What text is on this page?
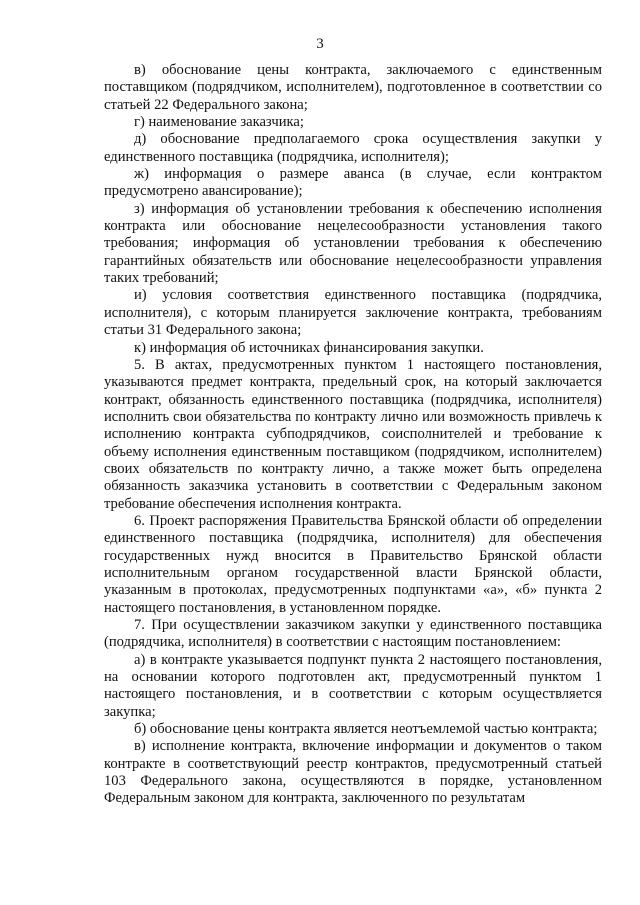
3

в) обоснование цены контракта, заключаемого с единственным поставщиком (подрядчиком, исполнителем), подготовленное в соответствии со статьей 22 Федерального закона;

г) наименование заказчика;

д) обоснование предполагаемого срока осуществления закупки у единственного поставщика (подрядчика, исполнителя);

ж) информация о размере аванса (в случае, если контрактом предусмотрено авансирование);

з) информация об установлении требования к обеспечению исполнения контракта или обоснование нецелесообразности установления такого требования; информация об установлении требования к обеспечению гарантийных обязательств или обоснование нецелесообразности управления таких требований;

и) условия соответствия единственного поставщика (подрядчика, исполнителя), с которым планируется заключение контракта, требованиям статьи 31 Федерального закона;

к) информация об источниках финансирования закупки.

5. В актах, предусмотренных пунктом 1 настоящего постановления, указываются предмет контракта, предельный срок, на который заключается контракт, обязанность единственного поставщика (подрядчика, исполнителя) исполнить свои обязательства по контракту лично или возможность привлечь к исполнению контракта субподрядчиков, соисполнителей и требование к объему исполнения единственным поставщиком (подрядчиком, исполнителем) своих обязательств по контракту лично, а также может быть определена обязанность заказчика установить в соответствии с Федеральным законом требование обеспечения исполнения контракта.

6. Проект распоряжения Правительства Брянской области об определении единственного поставщика (подрядчика, исполнителя) для обеспечения государственных нужд вносится в Правительство Брянской области исполнительным органом государственной власти Брянской области, указанным в протоколах, предусмотренных подпунктами «а», «б» пункта 2 настоящего постановления, в установленном порядке.

7. При осуществлении заказчиком закупки у единственного поставщика (подрядчика, исполнителя) в соответствии с настоящим постановлением:

а) в контракте указывается подпункт пункта 2 настоящего постановления, на основании которого подготовлен акт, предусмотренный пунктом 1 настоящего постановления, и в соответствии с которым осуществляется закупка;

б) обоснование цены контракта является неотъемлемой частью контракта;

в) исполнение контракта, включение информации и документов о таком контракте в соответствующий реестр контрактов, предусмотренный статьей 103 Федерального закона, осуществляются в порядке, установленном Федеральным законом для контракта, заключенного по результатам
